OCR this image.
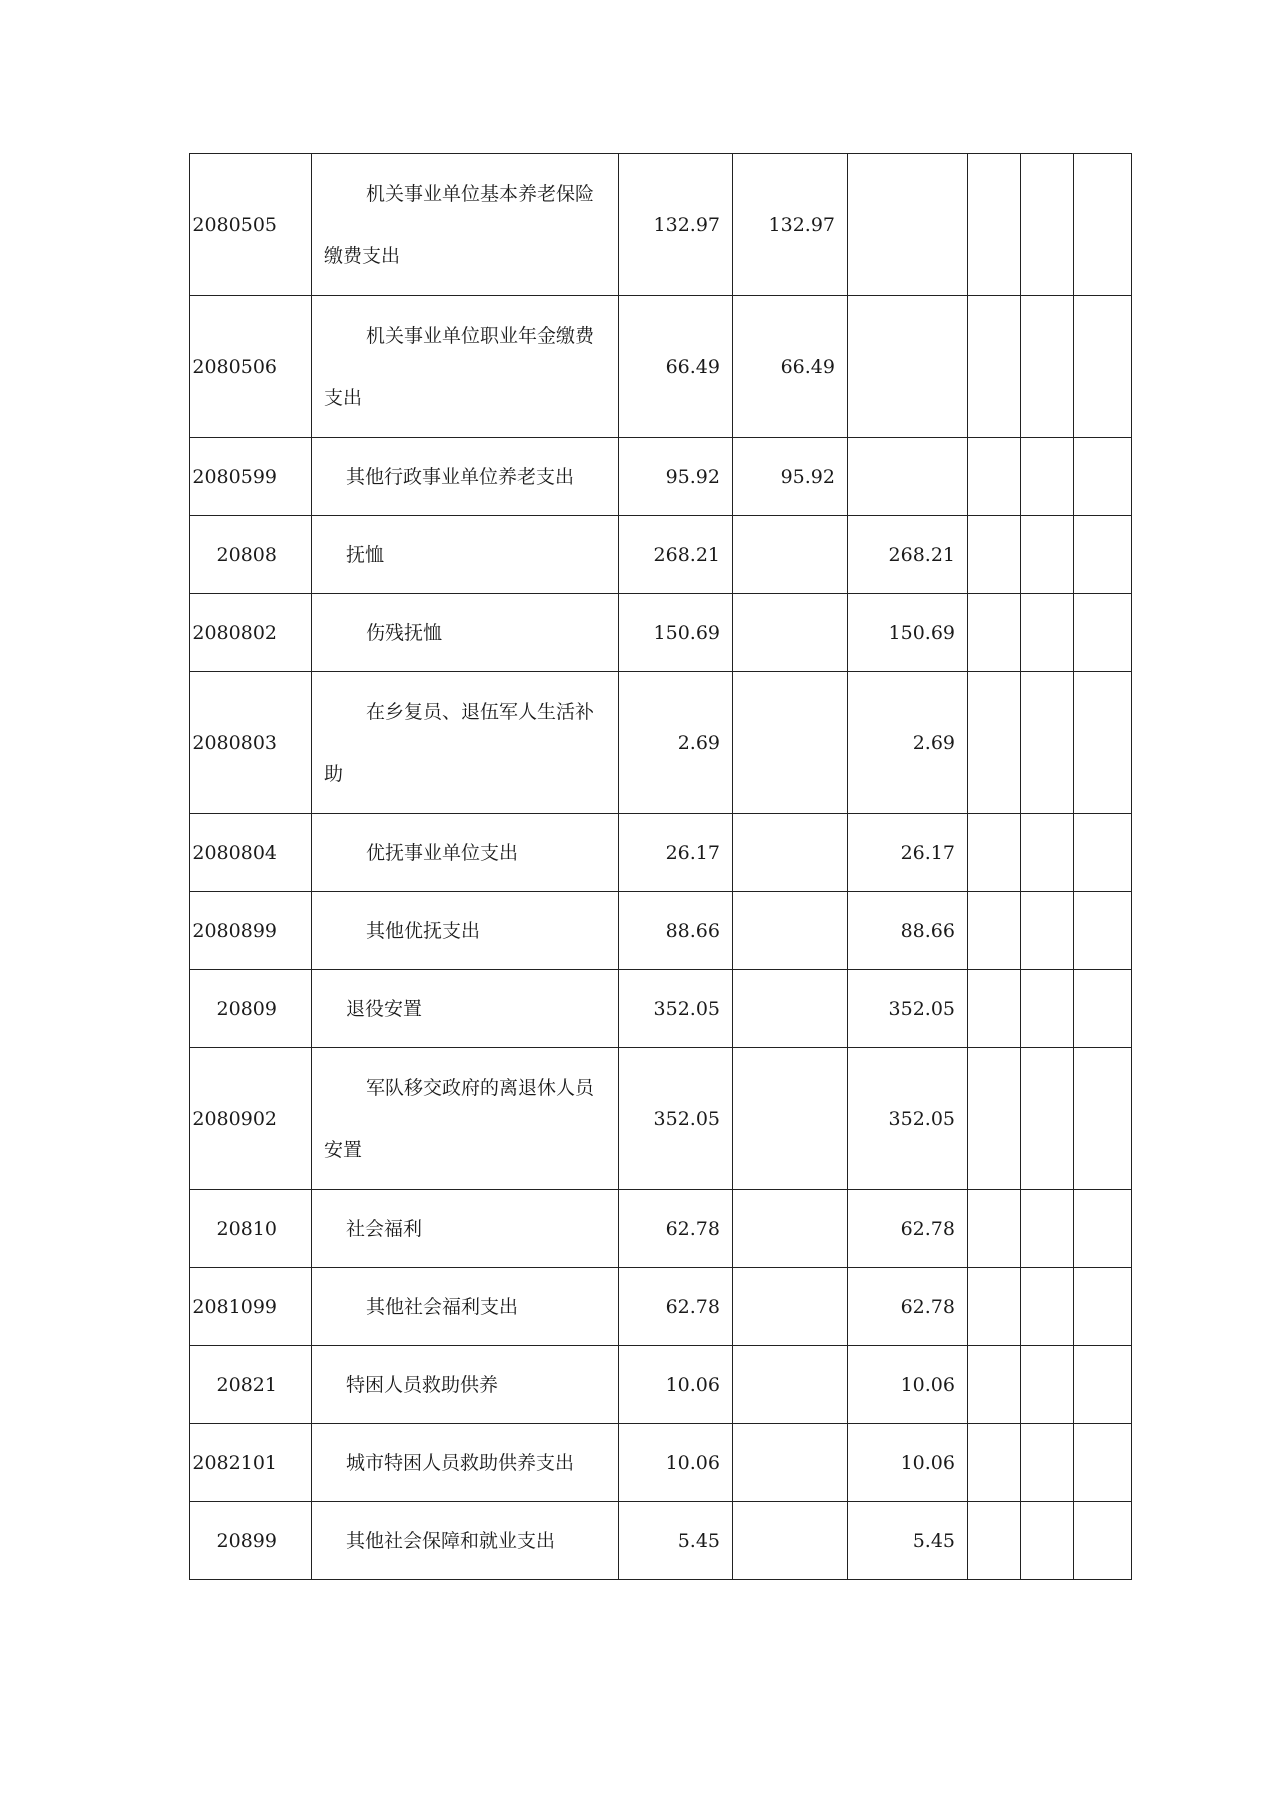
2080505	机关事业单位基本养老保险缴费支出	132.97	132.97				
2080506	机关事业单位职业年金缴费支出	66.49	66.49				
2080599	其他行政事业单位养老支出	95.92	95.92				
20808	抚恤	268.21		268.21			
2080802	伤残抚恤	150.69		150.69			
2080803	在乡复员、退伍军人生活补助	2.69		2.69			
2080804	优抚事业单位支出	26.17		26.17			
2080899	其他优抚支出	88.66		88.66			
20809	退役安置	352.05		352.05			
2080902	军队移交政府的离退休人员安置	352.05		352.05			
20810	社会福利	62.78		62.78			
2081099	其他社会福利支出	62.78		62.78			
20821	特困人员救助供养	10.06		10.06			
2082101	城市特困人员救助供养支出	10.06		10.06			
20899	其他社会保障和就业支出	5.45		5.45			
